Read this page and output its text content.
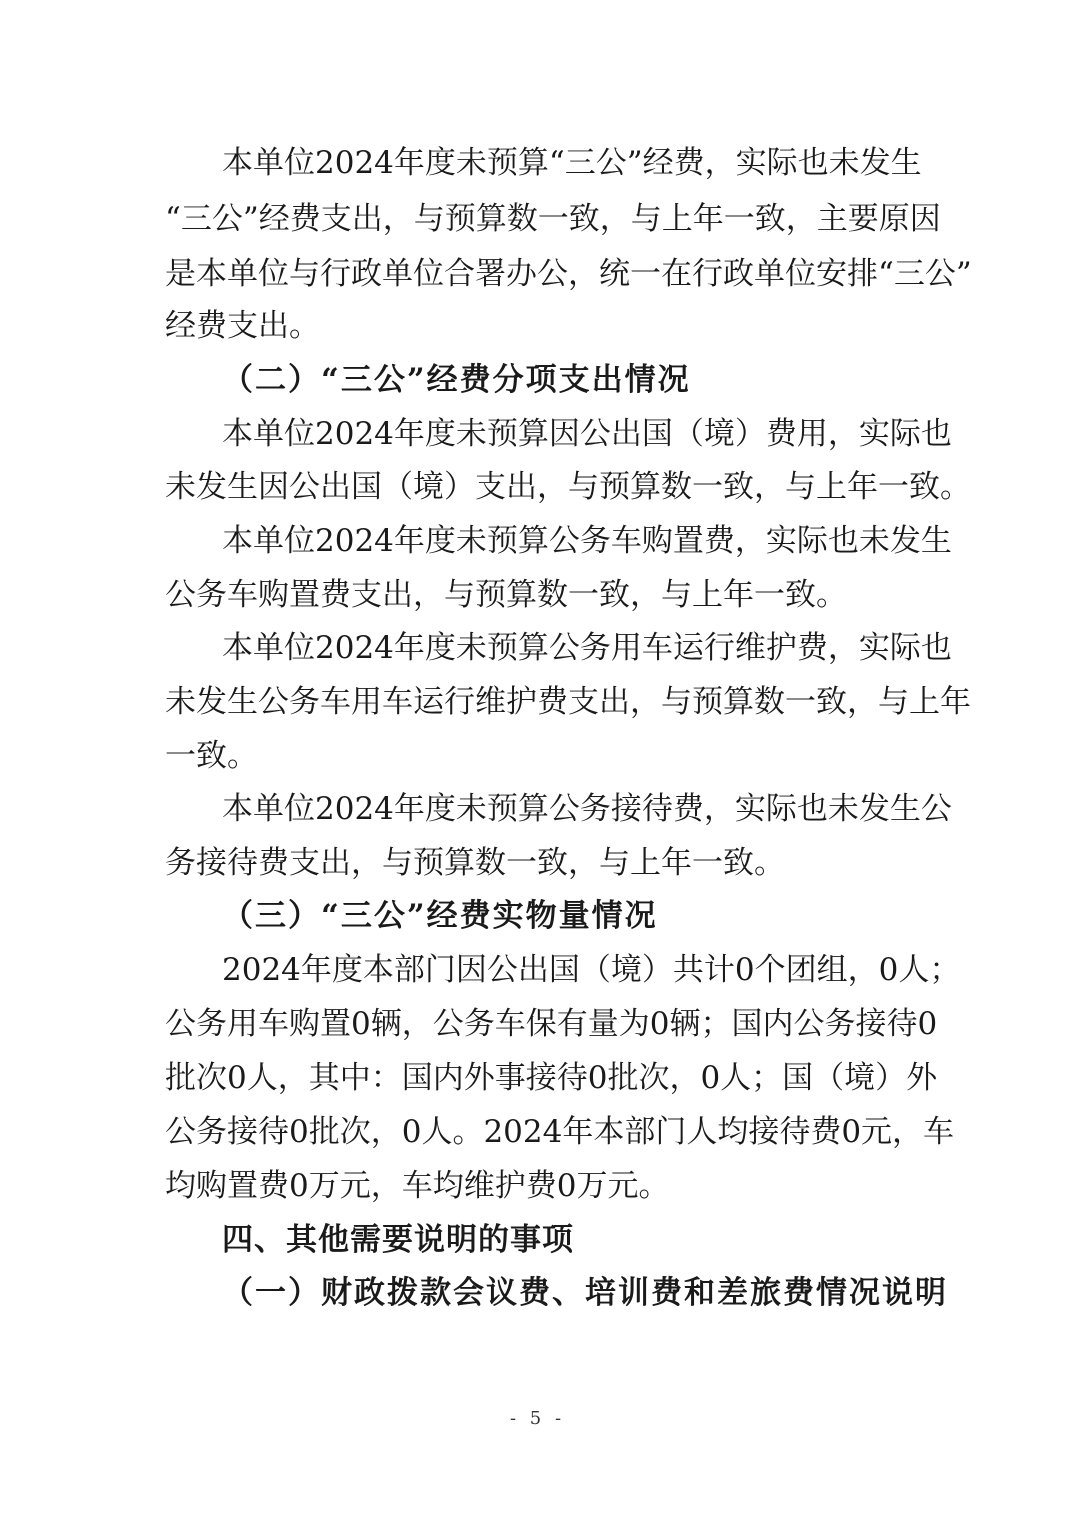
本单位2024年度未预算“三公”经费，实际也未发生
“三公”经费支出，与预算数一致，与上年一致，主要原因
是本单位与行政单位合署办公，统一在行政单位安排“三公”
经费支出。
（二）“三公”经费分项支出情况
本单位2024年度未预算因公出国（境）费用，实际也
未发生因公出国（境）支出，与预算数一致，与上年一致。
本单位2024年度未预算公务车购置费，实际也未发生
公务车购置费支出，与预算数一致，与上年一致。
本单位2024年度未预算公务用车运行维护费，实际也
未发生公务车用车运行维护费支出，与预算数一致，与上年
一致。
本单位2024年度未预算公务接待费，实际也未发生公
务接待费支出，与预算数一致，与上年一致。
（三）“三公”经费实物量情况
2024年度本部门因公出国（境）共计0个团组，0人；
公务用车购置0辆，公务车保有量为0辆；国内公务接待0
批次0人，其中：国内外事接待0批次，0人；国（境）外
公务接待0批次，0人。2024年本部门人均接待费0元，车
均购置费0万元，车均维护费0万元。
四、其他需要说明的事项
（一）财政拨款会议费、培训费和差旅费情况说明
- 5 -
